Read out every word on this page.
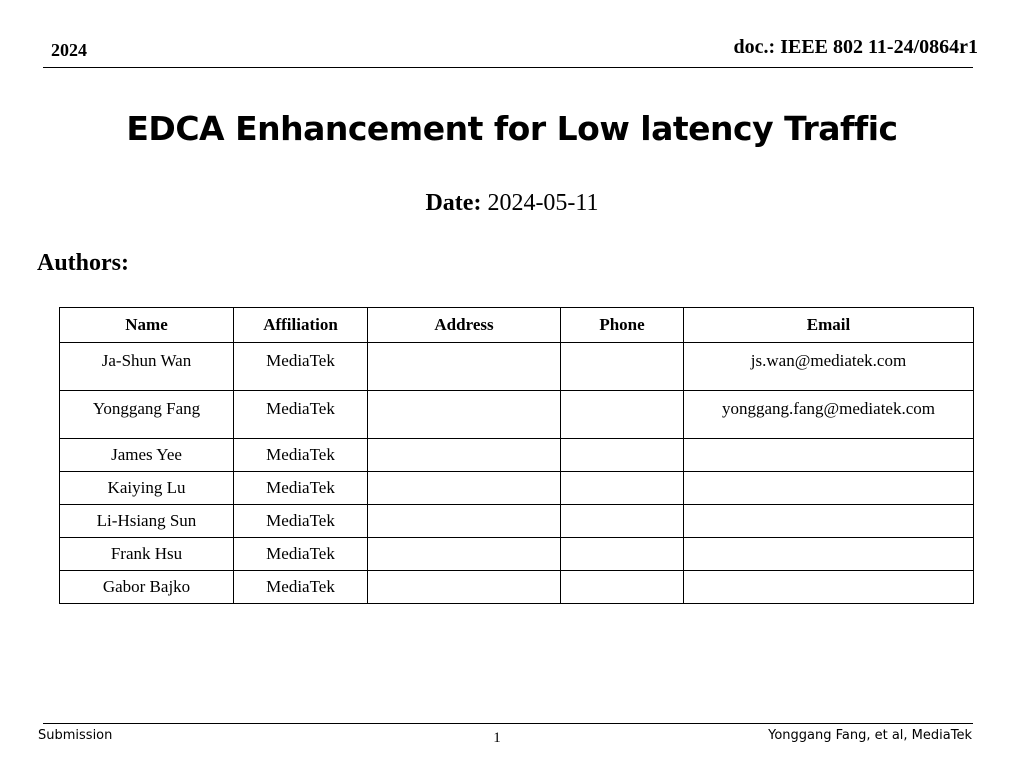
2024	doc.: IEEE 802 11-24/0864r1
EDCA Enhancement for Low latency Traffic
Date: 2024-05-11
Authors:
Name	Affiliation	Address	Phone	Email
Ja-Shun Wan	MediaTek			js.wan@mediatek.com
Yonggang Fang	MediaTek			yonggang.fang@mediatek.com
James Yee	MediaTek			
Kaiying Lu	MediaTek			
Li-Hsiang Sun	MediaTek			
Frank Hsu	MediaTek			
Gabor Bajko	MediaTek			
Submission	1	Yonggang Fang, et al, MediaTek
